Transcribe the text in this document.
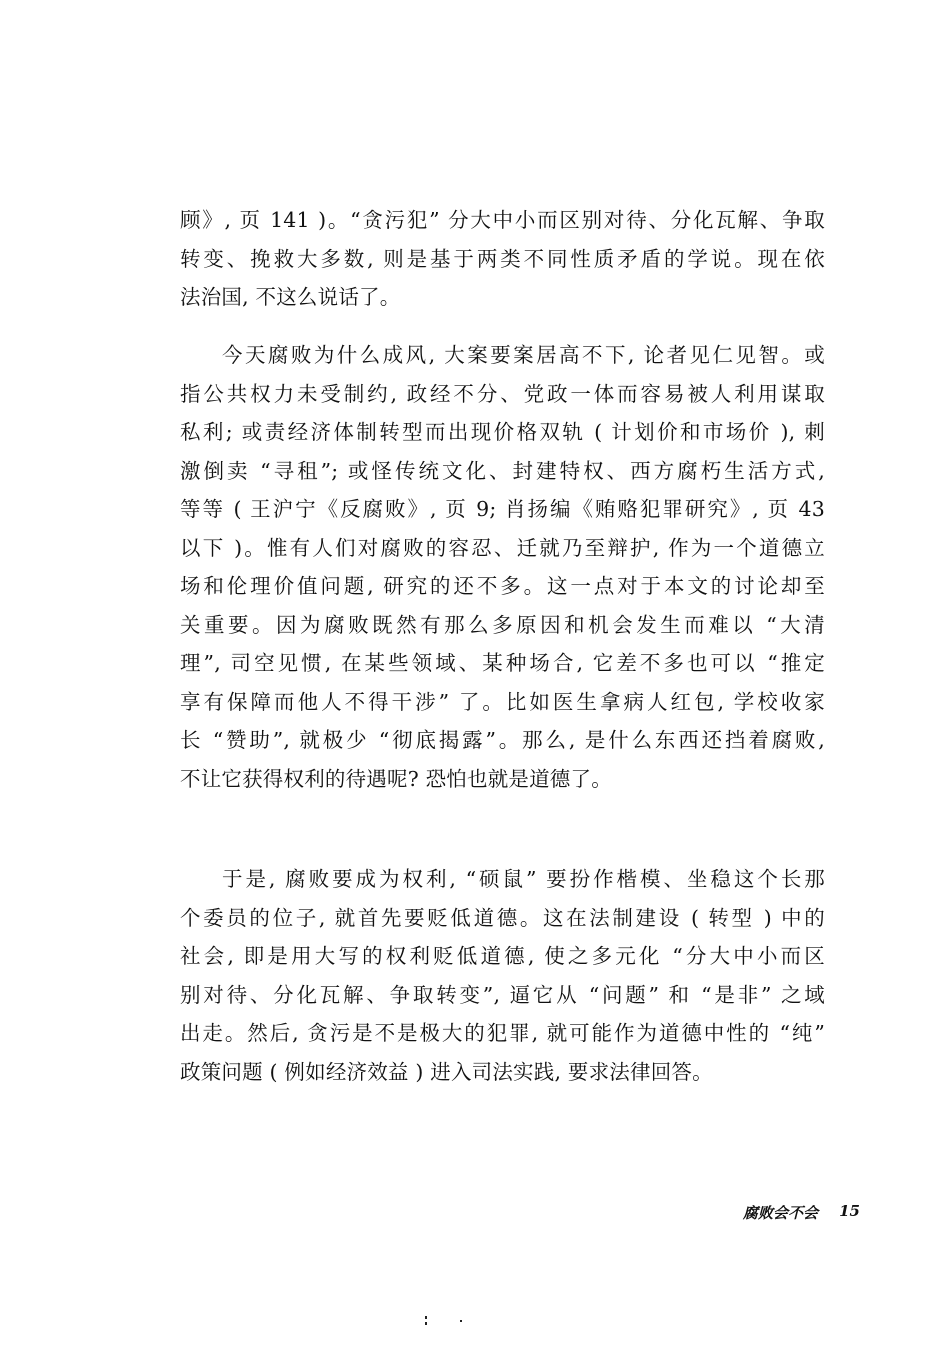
顾》, 页 141 )。“贪污犯” 分大中小而区别对待、分化瓦解、争取
转变、挽救大多数, 则是基于两类不同性质矛盾的学说。现在依
法治国, 不这么说话了。
今天腐败为什么成风, 大案要案居高不下, 论者见仁见智。或
指公共权力未受制约, 政经不分、党政一体而容易被人利用谋取
私利; 或责经济体制转型而出现价格双轨 ( 计划价和市场价 ), 刺
激倒卖 “寻租”; 或怪传统文化、封建特权、西方腐朽生活方式,
等等 ( 王沪宁《反腐败》, 页 9; 肖扬编《贿赂犯罪研究》, 页 43
以下 )。惟有人们对腐败的容忍、迁就乃至辩护, 作为一个道德立
场和伦理价值问题, 研究的还不多。这一点对于本文的讨论却至
关重要。因为腐败既然有那么多原因和机会发生而难以 “大清
理”, 司空见惯, 在某些领域、某种场合, 它差不多也可以 “推定
享有保障而他人不得干涉” 了。比如医生拿病人红包, 学校收家
长 “赞助”, 就极少 “彻底揭露”。那么, 是什么东西还挡着腐败,
不让它获得权利的待遇呢? 恐怕也就是道德了。
于是, 腐败要成为权利, “硕鼠” 要扮作楷模、坐稳这个长那
个委员的位子, 就首先要贬低道德。这在法制建设 ( 转型 ) 中的
社会, 即是用大写的权利贬低道德, 使之多元化 “分大中小而区
别对待、分化瓦解、争取转变”, 逼它从 “问题” 和 “是非” 之域
出走。然后, 贪污是不是极大的犯罪, 就可能作为道德中性的 “纯”
政策问题 ( 例如经济效益 ) 进入司法实践, 要求法律回答。
腐败会不会 15
